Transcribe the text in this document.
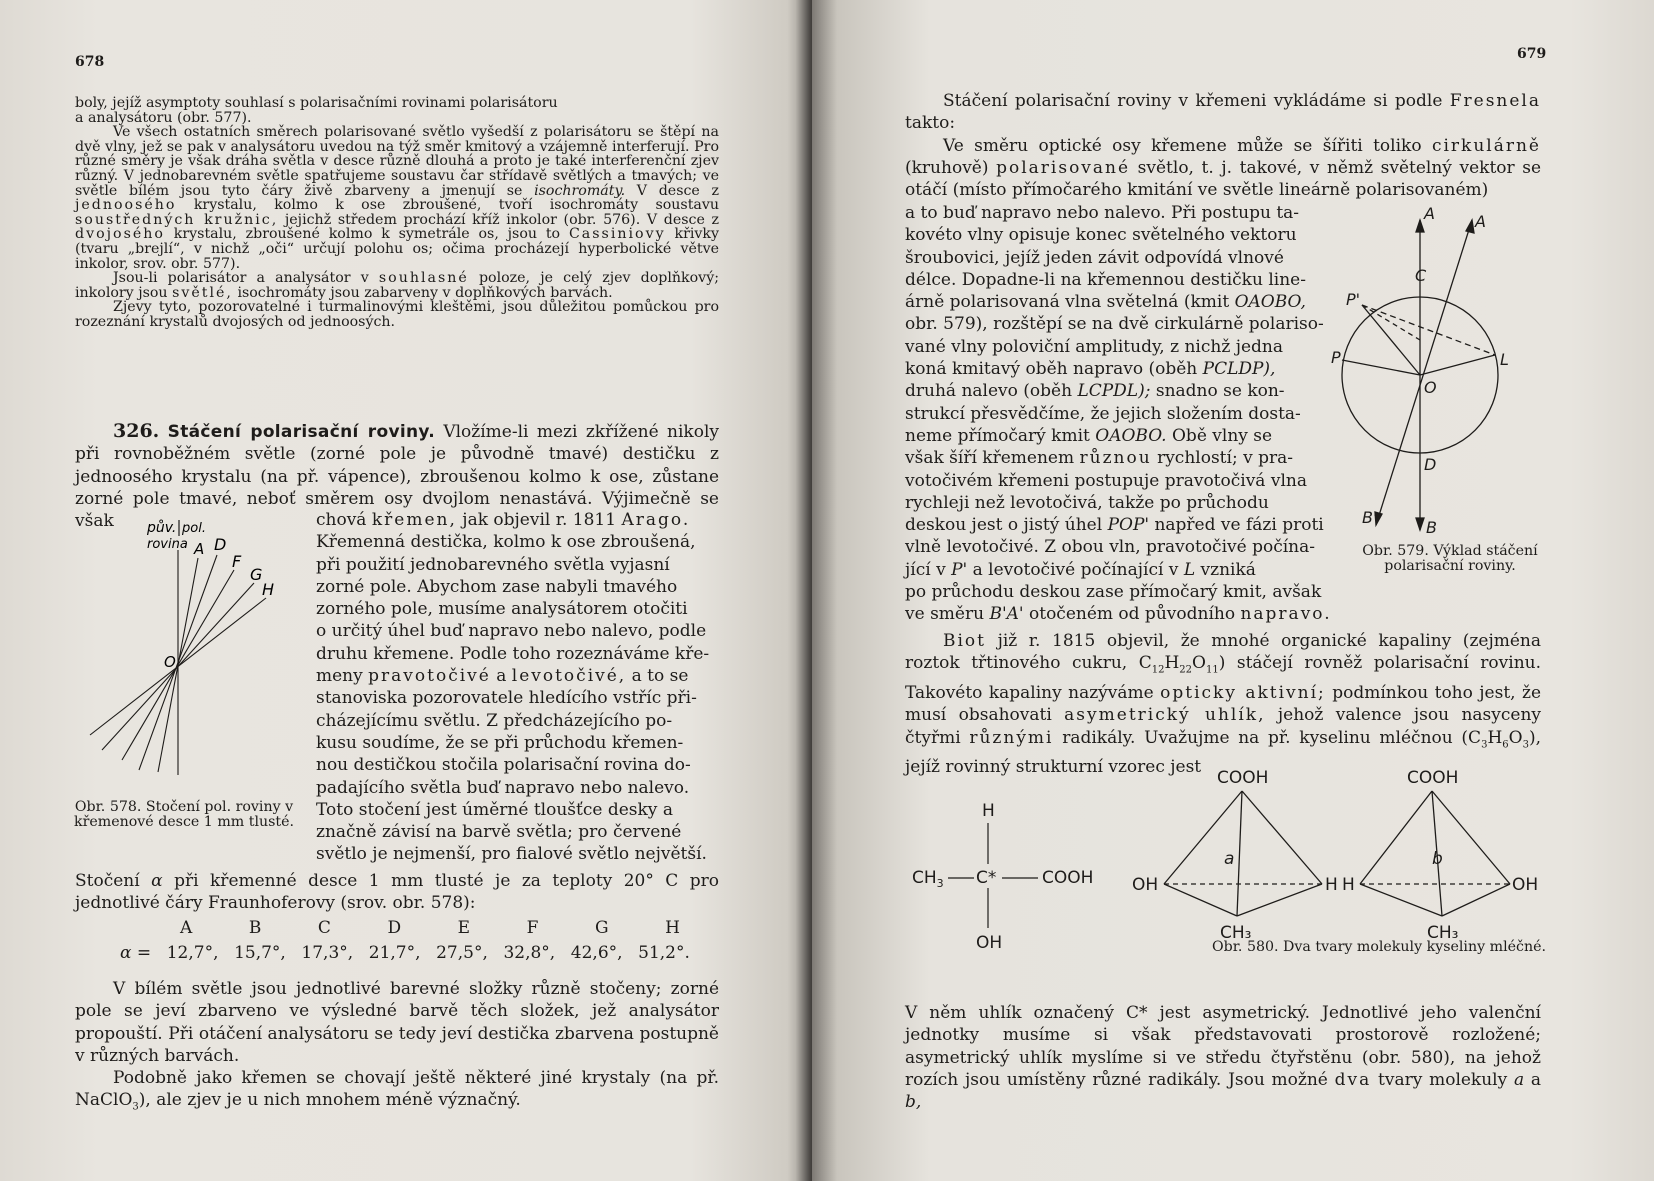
678

boly, jejíž asymptoty souhlasí s polarisačními rovinami polarisátoru

a analysátoru (obr. 577).

Ve všech ostatních směrech polarisované světlo vyšedší z polarisátoru se štěpí na dvě vlny, jež se pak v analysátoru uvedou na týž směr kmitový a vzájemně interferují. Pro různé směry je však dráha světla v desce různě dlouhá a proto je také interferenční zjev různý. V jednobarevném světle spatřujeme soustavu čar střídavě světlých a tmavých; ve světle bílém jsou tyto čáry živě zbarveny a jmenují se isochromáty. V desce z jednoosého krystalu, kolmo k ose zbroušené, tvoří isochromáty soustavu soustředných kružnic, jejichž středem prochází kříž inkolor (obr. 576). V desce z dvojosého krystalu, zbroušené kolmo k symetrále os, jsou to Cassiniovy křivky (tvaru „brejlí“, v nichž „oči“ určují polohu os; očima procházejí hyperbolické větve inkolor, srov. obr. 577).

Jsou-li polarisátor a analysátor v souhlasné poloze, je celý zjev doplňkový; inkolory jsou světlé, isochromáty jsou zabarveny v doplňkových barvách.

Zjevy tyto, pozorovatelné i turmalinovými kleštěmi, jsou důležitou pomůckou pro rozeznání krystalů dvojosých od jednoosých.

326. Stáčení polarisační roviny. Vložíme-li mezi zkřížené nikoly při rovnoběžném světle (zorné pole je původně tmavé) destičku z jednoosého krystalu (na př. vápence), zbroušenou kolmo k ose, zůstane zorné pole tmavé, neboť směrem osy dvojlom nenastává. Výjimečně se však	chová křemen, jak objevil r. 1811 Arago.

Křemenná destička, kolmo k ose zbroušená,

při použití jednobarevného světla vyjasní

zorné pole. Abychom zase nabyli tmavého

zorného pole, musíme analysátorem otočiti

o určitý úhel buď napravo nebo nalevo, podle

druhu křemene. Podle toho rozeznáváme kře-

meny pravotočivé a levotočivé, a to se

stanoviska pozorovatele hledícího vstříc při-

cházejícímu světlu. Z předcházejícího po-

kusu soudíme, že se při průchodu křemen-

nou destičkou stočila polarisační rovina do-

padajícího světla buď napravo nebo nalevo.

Toto stočení jest úměrné tloušťce desky a

značně závisí na barvě světla; pro červené

světlo je nejmenší, pro fialové světlo největší.

pův. pol.
rovina A D
F
G
H
O
Obr. 578. Stočení pol. roviny v křemenové desce 1 mm tlusté.

Stočení α při křemenné desce 1 mm tlusté je za teploty 20° C pro jednotlivé čáry Fraunhoferovy (srov. obr. 578):

A	B	C	D	E	F	G	H
α = 12,7°, 15,7°, 17,3°, 21,7°, 27,5°, 32,8°, 42,6°, 51,2°.

V bílém světle jsou jednotlivé barevné složky různě stočeny; zorné pole se jeví zbarveno ve výsledné barvě těch složek, jež analysátor propouští. Při otáčení analysátoru se tedy jeví destička zbarvena postupně v různých barvách.

Podobně jako křemen se chovají ještě některé jiné krystaly (na př. NaClO$_3$), ale zjev je u nich mnohem méně význačný.

679

Stáčení polarisační roviny v křemeni vykládáme si podle Fresnela takto:

Ve směru optické osy křemene může se šířiti toliko cirkulárně (kruhově) polarisované světlo, t. j. takové, v němž světelný vektor se otáčí (místo přímočarého kmitání ve světle lineárně polarisovaném)

a to buď napravo nebo nalevo. Při postupu ta-

kovéto vlny opisuje konec světelného vektoru

šroubovici, jejíž jeden závit odpovídá vlnové

délce. Dopadne-li na křemennou destičku line-

árně polarisovaná vlna světelná (kmit OAOBO,

obr. 579), rozštěpí se na dvě cirkulárně polariso-

vané vlny poloviční amplitudy, z nichž jedna

koná kmitavý oběh napravo (oběh PCLDP),

druhá nalevo (oběh LCPDL); snadno se kon-

strukcí přesvědčíme, že jejich složením dosta-

neme přímočarý kmit OAOBO. Obě vlny se

však šíří křemenem různou rychlostí; v pra-

votočivém křemeni postupuje pravotočivá vlna

rychleji než levotočivá, takže po průchodu

deskou jest o jistý úhel POP' napřed ve fázi proti

vlně levotočivé. Z obou vln, pravotočivé počína-

jící v P' a levotočivé počínající v L vzniká

po průchodu deskou zase přímočarý kmit, avšak

ve směru B'A' otočeném od původního napravo.
A	A
C
P'
P
O
L
D
B'
B
Obr. 579. Výklad stáčení polarisační roviny.

Biot již r. 1815 objevil, že mnohé organické kapaliny (zejména roztok třtinového cukru, $C_{12}H_{22}O_{11}$) stáčejí rovněž polarisační rovinu. Takovéto kapaliny nazýváme opticky aktivní; podmínkou toho jest, že musí obsahovati asymetrický uhlík, jehož valence jsou nasyceny čtyřmi různými radikály. Uvažujme na př. kyselinu mléčnou $(C_3H_6O_3)$, jejíž rovinný strukturní vzorec jest

H
$CH_3$ C*	COOH
OH
COOH
OH	H
CH₃
a
COOH
H	OH
CH₃
b
Obr. 580. Dva tvary molekuly kyseliny mléčné.

V něm uhlík označený C* jest asymetrický. Jednotlivé jeho valenční jednotky musíme si však představovati prostorově rozložené; asymetrický uhlík myslíme si ve středu čtyřstěnu (obr. 580), na jehož rozích jsou umístěny různé radikály. Jsou možné dva tvary molekuly a a b,
